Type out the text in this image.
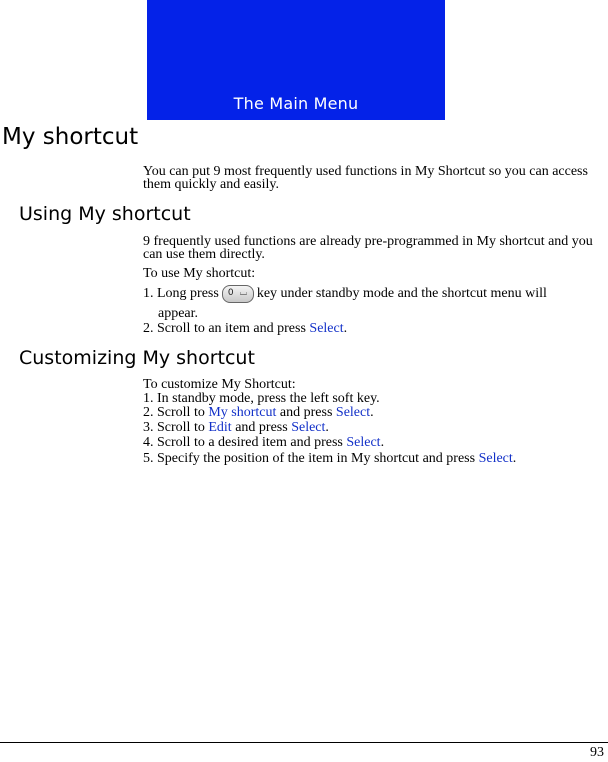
The Main Menu
My shortcut

You can put 9 most frequently used functions in My Shortcut so you can access them quickly and easily.

Using My shortcut

9 frequently used functions are already pre-programmed in My shortcut and you can use them directly.

To use My shortcut:

1. Long press 0 ⌴ key under standby mode and the shortcut menu will

appear.

2. Scroll to an item and press Select.

Customizing My shortcut

To customize My Shortcut:

1. In standby mode, press the left soft key.

2. Scroll to My shortcut and press Select.

3. Scroll to Edit and press Select.

4. Scroll to a desired item and press Select.

5. Specify the position of the item in My shortcut and press Select.

93
